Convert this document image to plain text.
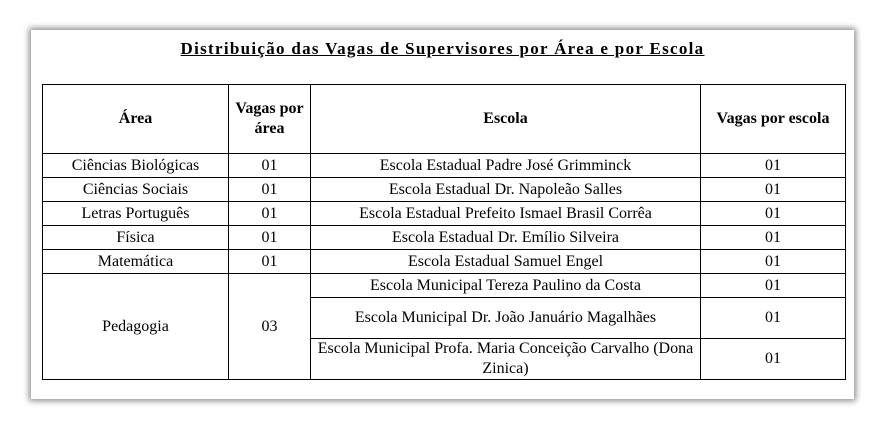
Distribuição das Vagas de Supervisores por Área e por Escola
Área	Vagas por área	Escola	Vagas por escola
Ciências Biológicas	01	Escola Estadual Padre José Grimminck	01
Ciências Sociais	01	Escola Estadual Dr. Napoleão Salles	01
Letras Português	01	Escola Estadual Prefeito Ismael Brasil Corrêa	01
Física	01	Escola Estadual Dr. Emílio Silveira	01
Matemática	01	Escola Estadual Samuel Engel	01
Pedagogia	03	Escola Municipal Tereza Paulino da Costa	01
		Escola Municipal Dr. João Januário Magalhães	01
		Escola Municipal Profa. Maria Conceição Carvalho (Dona Zinica)	01
